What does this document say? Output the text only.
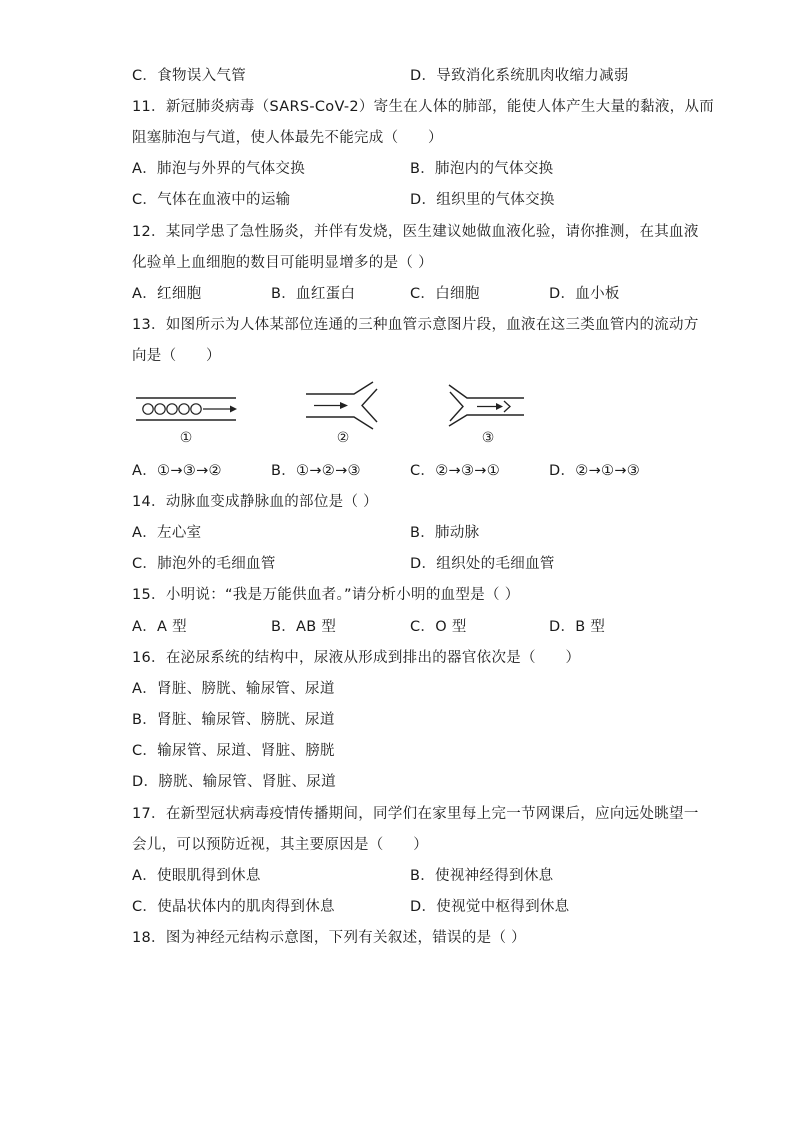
C．食物误入气管	D．导致消化系统肌肉收缩力减弱
11．新冠肺炎病毒（SARS-CoV-2）寄生在人体的肺部，能使人体产生大量的黏液，从而
阻塞肺泡与气道，使人体最先不能完成（　　）
A．肺泡与外界的气体交换	B．肺泡内的气体交换
C．气体在血液中的运输	D．组织里的气体交换
12．某同学患了急性肠炎，并伴有发烧，医生建议她做血液化验，请你推测，在其血液
化验单上血细胞的数目可能明显增多的是（ ）
A．红细胞	B．血红蛋白	C．白细胞	D．血小板
13．如图所示为人体某部位连通的三种血管示意图片段，血液在这三类血管内的流动方
向是（　　）
①	②	③
A．①→③→②	B．①→②→③	C．②→③→①	D．②→①→③
14．动脉血变成静脉血的部位是（ ）
A．左心室	B．肺动脉
C．肺泡外的毛细血管	D．组织处的毛细血管
15．小明说：“我是万能供血者。”请分析小明的血型是（ ）
A．A 型	B．AB 型	C．O 型	D．B 型
16．在泌尿系统的结构中，尿液从形成到排出的器官依次是（　　）
A．肾脏、膀胱、输尿管、尿道
B．肾脏、输尿管、膀胱、尿道
C．输尿管、尿道、肾脏、膀胱
D．膀胱、输尿管、肾脏、尿道
17．在新型冠状病毒疫情传播期间，同学们在家里每上完一节网课后，应向远处眺望一
会儿，可以预防近视，其主要原因是（　　）
A．使眼肌得到休息	B．使视神经得到休息
C．使晶状体内的肌肉得到休息	D．使视觉中枢得到休息
18．图为神经元结构示意图，下列有关叙述，错误的是（ ）
